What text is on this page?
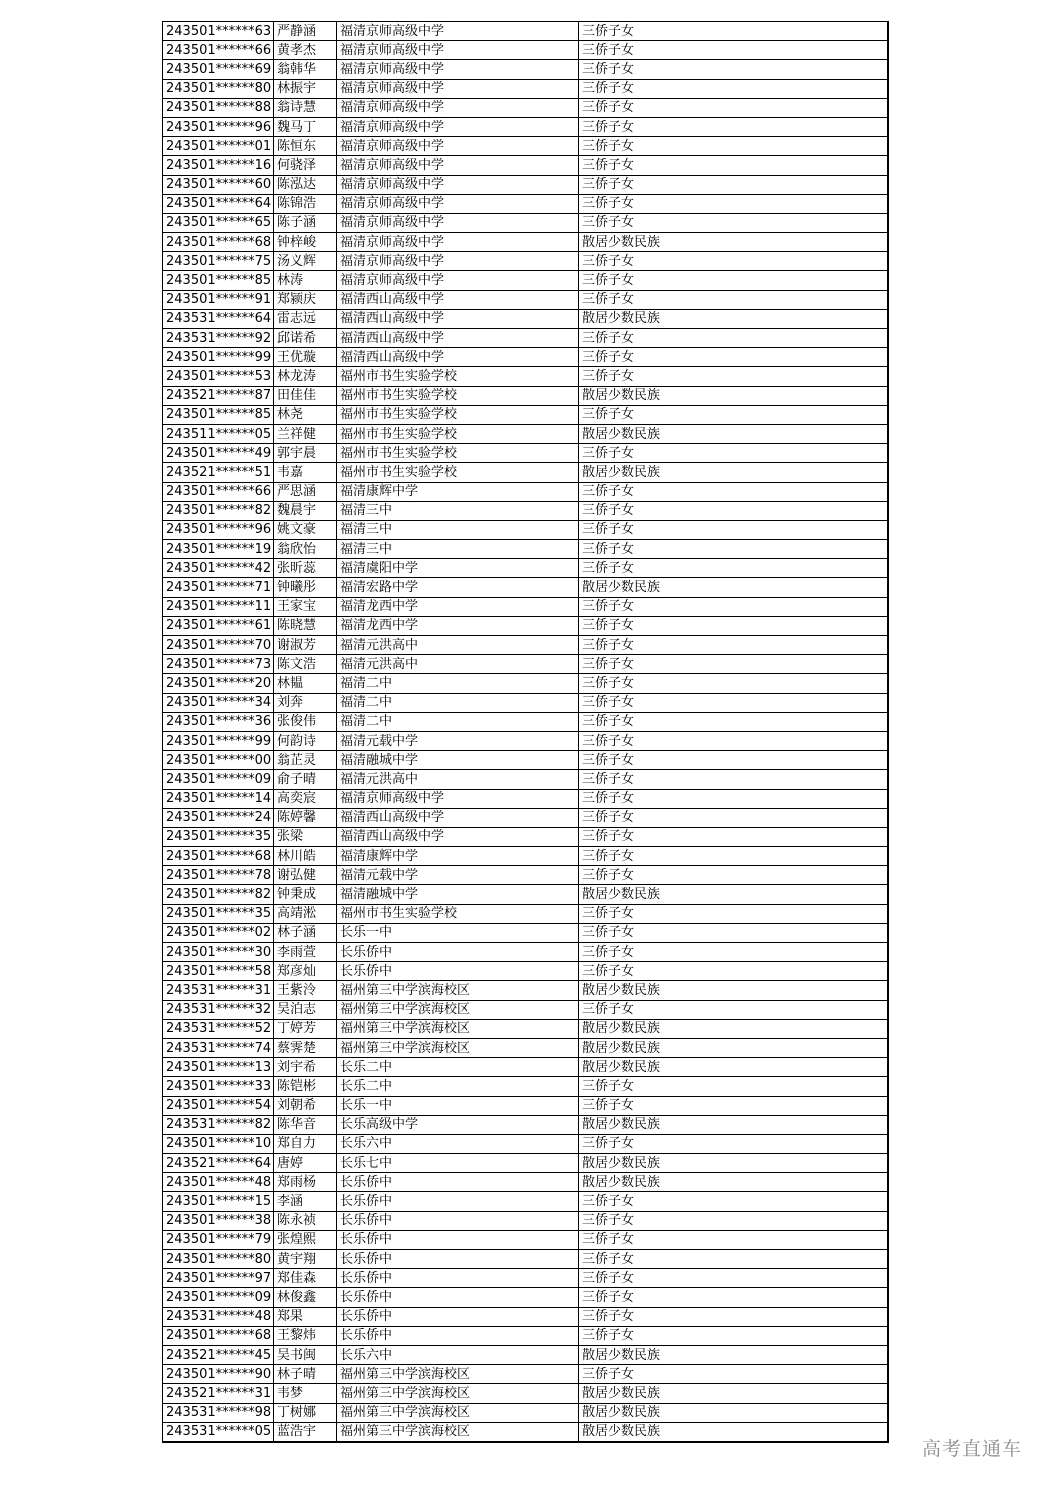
243501******63	严静涵	福清京师高级中学	三侨子女
243501******66	黄孝杰	福清京师高级中学	三侨子女
243501******69	翁韩华	福清京师高级中学	三侨子女
243501******80	林振宇	福清京师高级中学	三侨子女
243501******88	翁诗慧	福清京师高级中学	三侨子女
243501******96	魏马丁	福清京师高级中学	三侨子女
243501******01	陈恒东	福清京师高级中学	三侨子女
243501******16	何骁泽	福清京师高级中学	三侨子女
243501******60	陈泓达	福清京师高级中学	三侨子女
243501******64	陈锦浩	福清京师高级中学	三侨子女
243501******65	陈子涵	福清京师高级中学	三侨子女
243501******68	钟梓峻	福清京师高级中学	散居少数民族
243501******75	汤义辉	福清京师高级中学	三侨子女
243501******85	林涛	福清京师高级中学	三侨子女
243501******91	郑颍庆	福清西山高级中学	三侨子女
243531******64	雷志远	福清西山高级中学	散居少数民族
243531******92	邱诺希	福清西山高级中学	三侨子女
243501******99	王优璇	福清西山高级中学	三侨子女
243501******53	林龙涛	福州市书生实验学校	三侨子女
243521******87	田佳佳	福州市书生实验学校	散居少数民族
243501******85	林尧	福州市书生实验学校	三侨子女
243511******05	兰祥健	福州市书生实验学校	散居少数民族
243501******49	郭宇晨	福州市书生实验学校	三侨子女
243521******51	韦嘉	福州市书生实验学校	散居少数民族
243501******66	严思涵	福清康辉中学	三侨子女
243501******82	魏晨宇	福清三中	三侨子女
243501******96	姚文豪	福清三中	三侨子女
243501******19	翁欣怡	福清三中	三侨子女
243501******42	张昕蕊	福清虞阳中学	三侨子女
243501******71	钟曦彤	福清宏路中学	散居少数民族
243501******11	王家宝	福清龙西中学	三侨子女
243501******61	陈晓慧	福清龙西中学	三侨子女
243501******70	谢淑芳	福清元洪高中	三侨子女
243501******73	陈文浩	福清元洪高中	三侨子女
243501******20	林韫	福清二中	三侨子女
243501******34	刘奔	福清二中	三侨子女
243501******36	张俊伟	福清二中	三侨子女
243501******99	何韵诗	福清元载中学	三侨子女
243501******00	翁芷灵	福清融城中学	三侨子女
243501******09	俞子晴	福清元洪高中	三侨子女
243501******14	高奕宸	福清京师高级中学	三侨子女
243501******24	陈婷馨	福清西山高级中学	三侨子女
243501******35	张梁	福清西山高级中学	三侨子女
243501******68	林川皓	福清康辉中学	三侨子女
243501******78	谢弘健	福清元载中学	三侨子女
243501******82	钟秉成	福清融城中学	散居少数民族
243501******35	高靖淞	福州市书生实验学校	三侨子女
243501******02	林子涵	长乐一中	三侨子女
243501******30	李雨萱	长乐侨中	三侨子女
243501******58	郑彦灿	长乐侨中	三侨子女
243531******31	王紫泠	福州第三中学滨海校区	散居少数民族
243531******32	吴泊志	福州第三中学滨海校区	三侨子女
243531******52	丁婷芳	福州第三中学滨海校区	散居少数民族
243531******74	蔡霁楚	福州第三中学滨海校区	散居少数民族
243501******13	刘宇希	长乐二中	散居少数民族
243501******33	陈铠彬	长乐二中	三侨子女
243501******54	刘朝希	长乐一中	三侨子女
243531******82	陈华音	长乐高级中学	散居少数民族
243501******10	郑自力	长乐六中	三侨子女
243521******64	唐婷	长乐七中	散居少数民族
243501******48	郑雨杨	长乐侨中	散居少数民族
243501******15	李涵	长乐侨中	三侨子女
243501******38	陈永祯	长乐侨中	三侨子女
243501******79	张煌熙	长乐侨中	三侨子女
243501******80	黄宇翔	长乐侨中	三侨子女
243501******97	郑佳森	长乐侨中	三侨子女
243501******09	林俊鑫	长乐侨中	三侨子女
243531******48	郑果	长乐侨中	三侨子女
243501******68	王黎炜	长乐侨中	三侨子女
243521******45	吴书闽	长乐六中	散居少数民族
243501******90	林子晴	福州第三中学滨海校区	三侨子女
243521******31	韦梦	福州第三中学滨海校区	散居少数民族
243531******98	丁树娜	福州第三中学滨海校区	散居少数民族
243531******05	蓝浩宇	福州第三中学滨海校区	散居少数民族
高考直通车
